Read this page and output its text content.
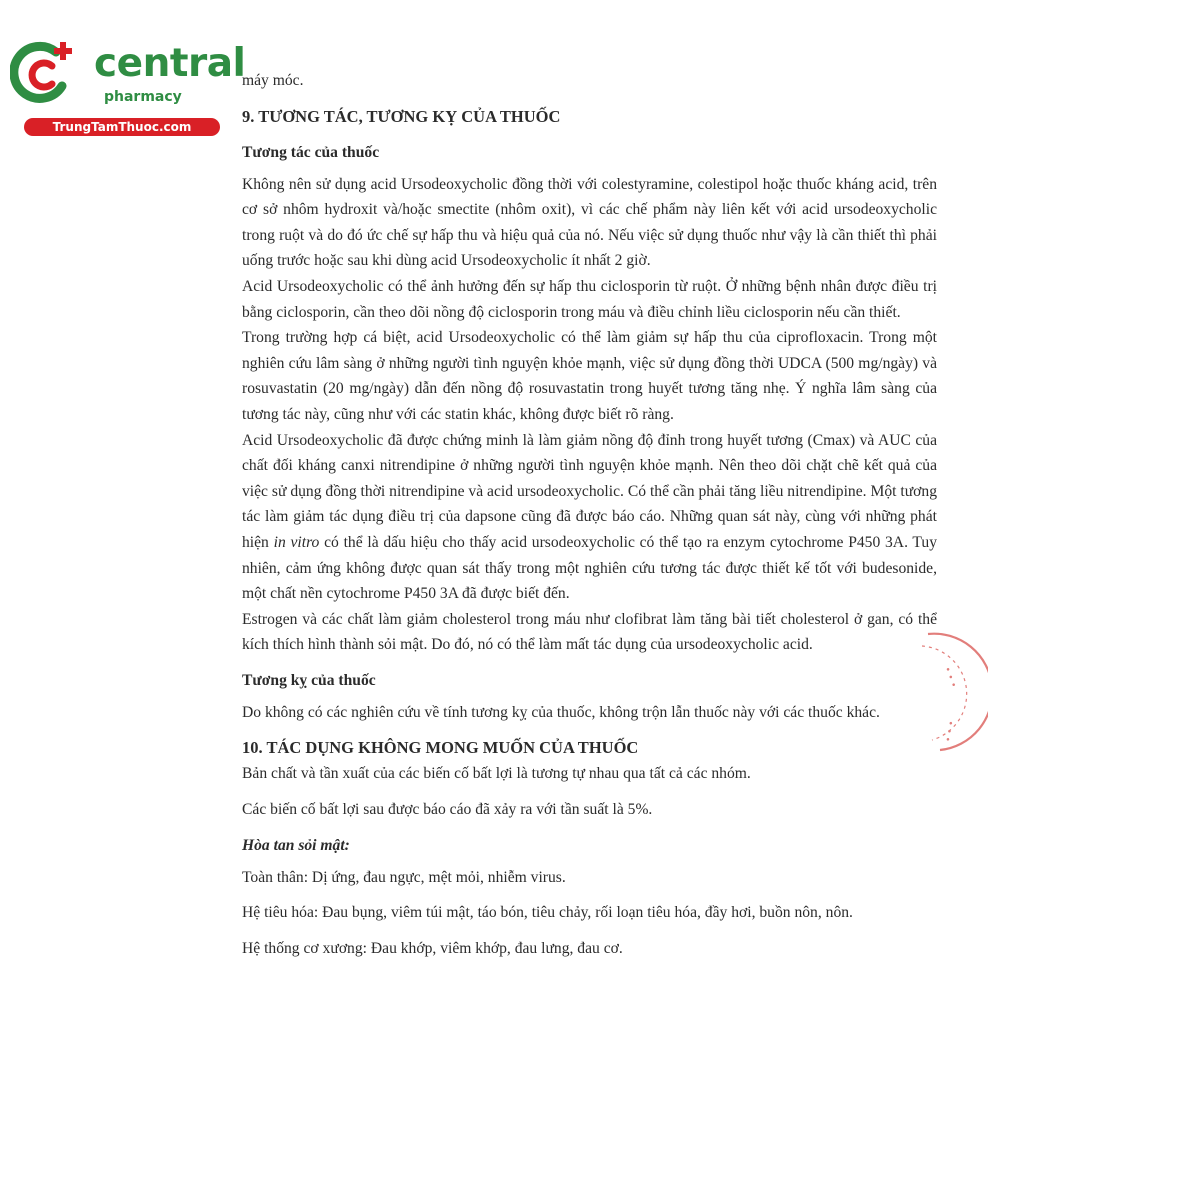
central
pharmacy
TrungTamThuoc.com
• • •
• • •

máy móc.

9. TƯƠNG TÁC, TƯƠNG KỴ CỦA THUỐC
Tương tác của thuốc

Không nên sử dụng acid Ursodeoxycholic đồng thời với colestyramine, colestipol hoặc thuốc kháng acid, trên cơ sở nhôm hydroxit và/hoặc smectite (nhôm oxit), vì các chế phẩm này liên kết với acid ursodeoxycholic trong ruột và do đó ức chế sự hấp thu và hiệu quả của nó. Nếu việc sử dụng thuốc như vậy là cần thiết thì phải uống trước hoặc sau khi dùng acid Ursodeoxycholic ít nhất 2 giờ.

Acid Ursodeoxycholic có thể ảnh hưởng đến sự hấp thu ciclosporin từ ruột. Ở những bệnh nhân được điều trị bằng ciclosporin, cần theo dõi nồng độ ciclosporin trong máu và điều chỉnh liều ciclosporin nếu cần thiết.

Trong trường hợp cá biệt, acid Ursodeoxycholic có thể làm giảm sự hấp thu của ciprofloxacin. Trong một nghiên cứu lâm sàng ở những người tình nguyện khỏe mạnh, việc sử dụng đồng thời UDCA (500 mg/ngày) và rosuvastatin (20 mg/ngày) dẫn đến nồng độ rosuvastatin trong huyết tương tăng nhẹ. Ý nghĩa lâm sàng của tương tác này, cũng như với các statin khác, không được biết rõ ràng.

Acid Ursodeoxycholic đã được chứng minh là làm giảm nồng độ đỉnh trong huyết tương (Cmax) và AUC của chất đối kháng canxi nitrendipine ở những người tình nguyện khỏe mạnh. Nên theo dõi chặt chẽ kết quả của việc sử dụng đồng thời nitrendipine và acid ursodeoxycholic. Có thể cần phải tăng liều nitrendipine. Một tương tác làm giảm tác dụng điều trị của dapsone cũng đã được báo cáo. Những quan sát này, cùng với những phát hiện in vitro có thể là dấu hiệu cho thấy acid ursodeoxycholic có thể tạo ra enzym cytochrome P450 3A. Tuy nhiên, cảm ứng không được quan sát thấy trong một nghiên cứu tương tác được thiết kế tốt với budesonide, một chất nền cytochrome P450 3A đã được biết đến.

Estrogen và các chất làm giảm cholesterol trong máu như clofibrat làm tăng bài tiết cholesterol ở gan, có thể kích thích hình thành sỏi mật. Do đó, nó có thể làm mất tác dụng của ursodeoxycholic acid.

Tương kỵ của thuốc

Do không có các nghiên cứu về tính tương kỵ của thuốc, không trộn lẫn thuốc này với các thuốc khác.

10. TÁC DỤNG KHÔNG MONG MUỐN CỦA THUỐC

Bản chất và tần xuất của các biến cố bất lợi là tương tự nhau qua tất cả các nhóm.

Các biến cố bất lợi sau được báo cáo đã xảy ra với tần suất là 5%.

Hòa tan sỏi mật:

Toàn thân: Dị ứng, đau ngực, mệt mỏi, nhiễm virus.

Hệ tiêu hóa: Đau bụng, viêm túi mật, táo bón, tiêu chảy, rối loạn tiêu hóa, đầy hơi, buồn nôn, nôn.

Hệ thống cơ xương: Đau khớp, viêm khớp, đau lưng, đau cơ.
